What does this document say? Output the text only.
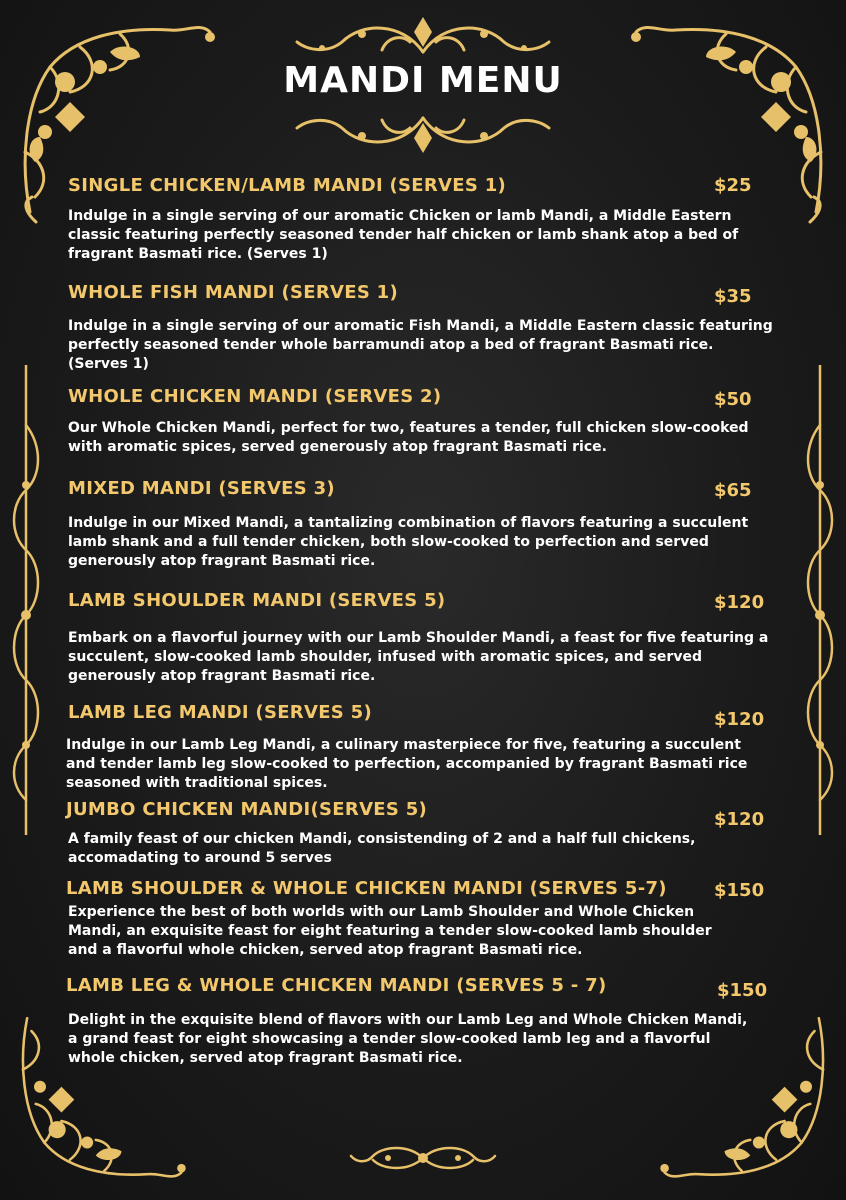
MANDI MENU
SINGLE CHICKEN/LAMB MANDI (SERVES 1)	$25
Indulge in a single serving of our aromatic Chicken or lamb Mandi, a Middle Eastern classic featuring perfectly seasoned tender half chicken or lamb shank atop a bed of fragrant Basmati rice. (Serves 1)
WHOLE FISH MANDI (SERVES 1)	$35
Indulge in a single serving of our aromatic Fish Mandi, a Middle Eastern classic featuring perfectly seasoned tender whole barramundi atop a bed of fragrant Basmati rice. (Serves 1)
WHOLE CHICKEN MANDI (SERVES 2)	$50
Our Whole Chicken Mandi, perfect for two, features a tender, full chicken slow-cooked with aromatic spices, served generously atop fragrant Basmati rice.
MIXED MANDI (SERVES 3)	$65
Indulge in our Mixed Mandi, a tantalizing combination of flavors featuring a succulent lamb shank and a full tender chicken, both slow-cooked to perfection and served generously atop fragrant Basmati rice.
LAMB SHOULDER MANDI (SERVES 5)	$120
Embark on a flavorful journey with our Lamb Shoulder Mandi, a feast for five featuring a succulent, slow-cooked lamb shoulder, infused with aromatic spices, and served generously atop fragrant Basmati rice.
LAMB LEG MANDI (SERVES 5)	$120
Indulge in our Lamb Leg Mandi, a culinary masterpiece for five, featuring a succulent and tender lamb leg slow-cooked to perfection, accompanied by fragrant Basmati rice seasoned with traditional spices.
JUMBO CHICKEN MANDI(SERVES 5)	$120
A family feast of our chicken Mandi, consistending of 2 and a half full chickens, accomadating to around 5 serves
LAMB SHOULDER & WHOLE CHICKEN MANDI (SERVES 5-7)	$150
Experience the best of both worlds with our Lamb Shoulder and Whole Chicken Mandi, an exquisite feast for eight featuring a tender slow-cooked lamb shoulder and a flavorful whole chicken, served atop fragrant Basmati rice.
LAMB LEG & WHOLE CHICKEN MANDI (SERVES 5 - 7)	$150
Delight in the exquisite blend of flavors with our Lamb Leg and Whole Chicken Mandi, a grand feast for eight showcasing a tender slow-cooked lamb leg and a flavorful whole chicken, served atop fragrant Basmati rice.
